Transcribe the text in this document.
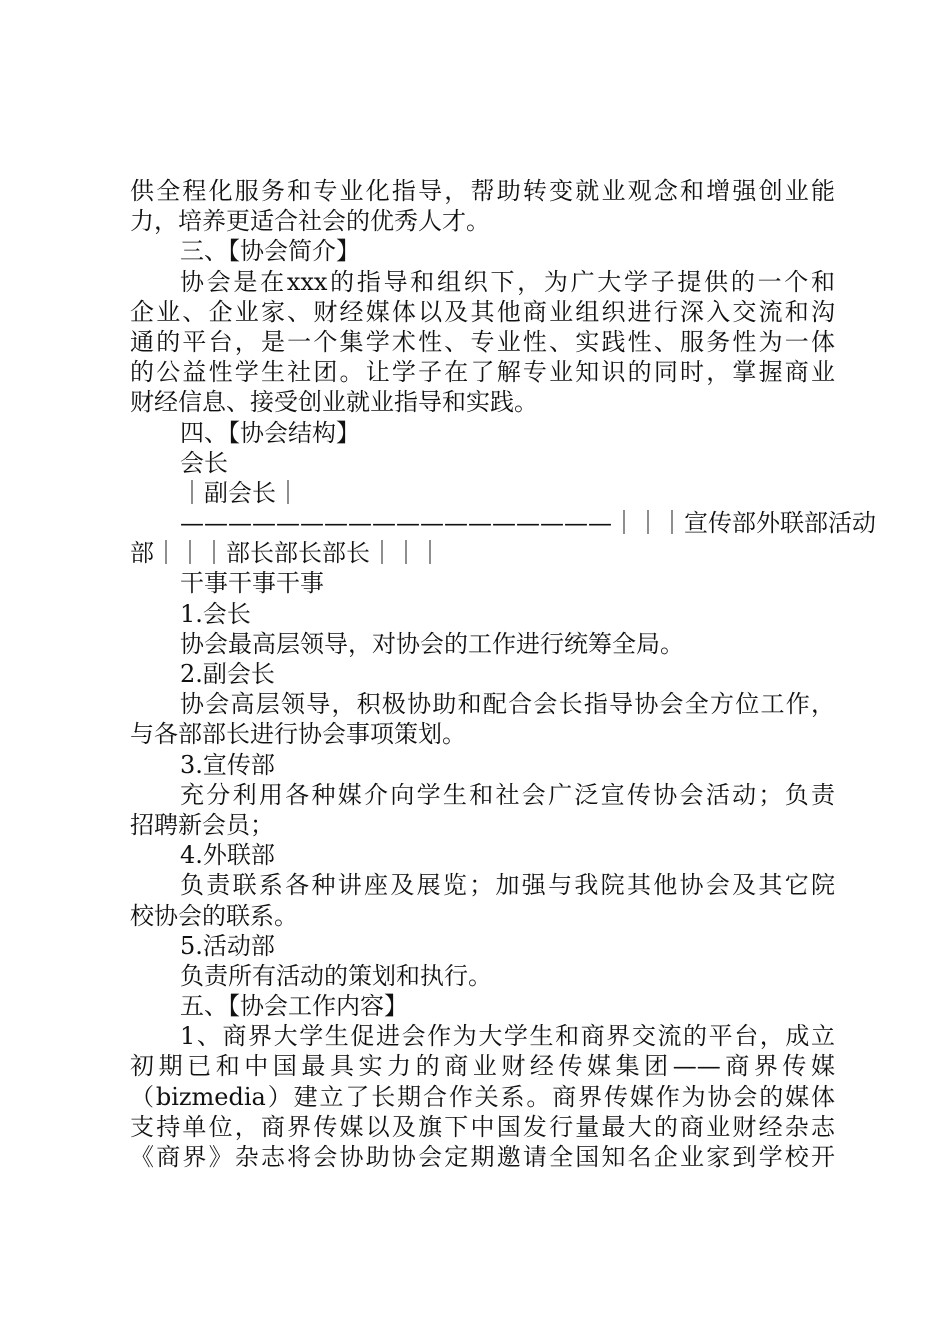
供全程化服务和专业化指导，帮助转变就业观念和增强创业能
力，培养更适合社会的优秀人才。
三、【协会简介】
协会是在xxx的指导和组织下，为广大学子提供的一个和
企业、企业家、财经媒体以及其他商业组织进行深入交流和沟
通的平台，是一个集学术性、专业性、实践性、服务性为一体
的公益性学生社团。让学子在了解专业知识的同时，掌握商业
财经信息、接受创业就业指导和实践。
四、【协会结构】
会长
｜副会长｜
——————————————————｜｜｜宣传部外联部活动
部｜｜｜部长部长部长｜｜｜
干事干事干事
1.会长
协会最高层领导，对协会的工作进行统筹全局。
2.副会长
协会高层领导，积极协助和配合会长指导协会全方位工作，
与各部部长进行协会事项策划。
3.宣传部
充分利用各种媒介向学生和社会广泛宣传协会活动；负责
招聘新会员；
4.外联部
负责联系各种讲座及展览；加强与我院其他协会及其它院
校协会的联系。
5.活动部
负责所有活动的策划和执行。
五、【协会工作内容】
1、商界大学生促进会作为大学生和商界交流的平台，成立
初期已和中国最具实力的商业财经传媒集团——商界传媒
（bizmedia）建立了长期合作关系。商界传媒作为协会的媒体
支持单位，商界传媒以及旗下中国发行量最大的商业财经杂志
《商界》杂志将会协助协会定期邀请全国知名企业家到学校开
